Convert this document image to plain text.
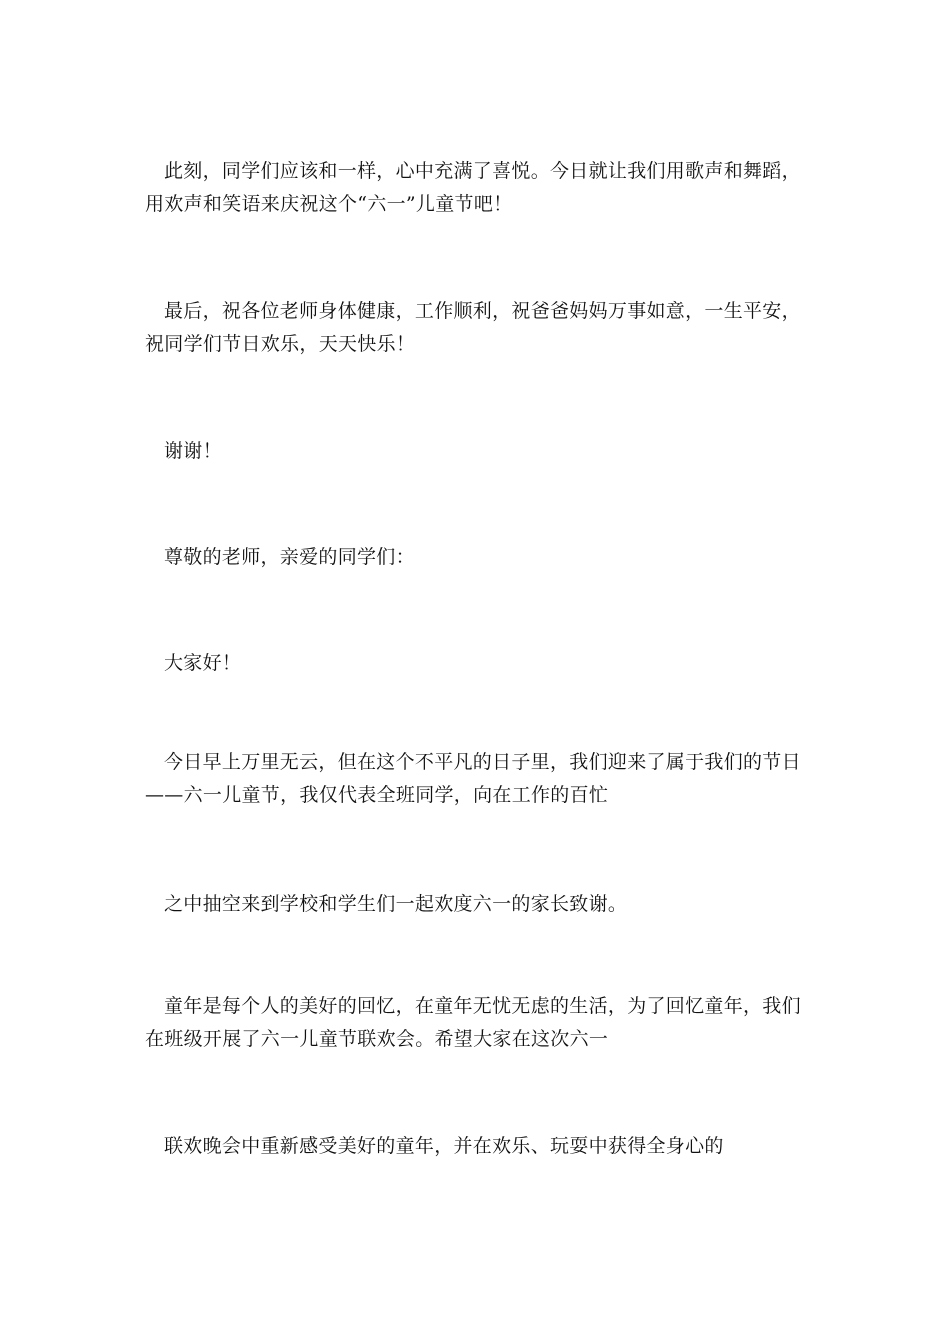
此刻，同学们应该和一样，心中充满了喜悦。今日就让我们用歌声和舞蹈，
用欢声和笑语来庆祝这个“六一”儿童节吧！

最后，祝各位老师身体健康，工作顺利，祝爸爸妈妈万事如意，一生平安，
祝同学们节日欢乐，天天快乐！

谢谢！

尊敬的老师，亲爱的同学们：

大家好！

今日早上万里无云，但在这个不平凡的日子里，我们迎来了属于我们的节日
——六一儿童节，我仅代表全班同学，向在工作的百忙

之中抽空来到学校和学生们一起欢度六一的家长致谢。

童年是每个人的美好的回忆，在童年无忧无虑的生活，为了回忆童年，我们
在班级开展了六一儿童节联欢会。希望大家在这次六一

联欢晚会中重新感受美好的童年，并在欢乐、玩耍中获得全身心的
